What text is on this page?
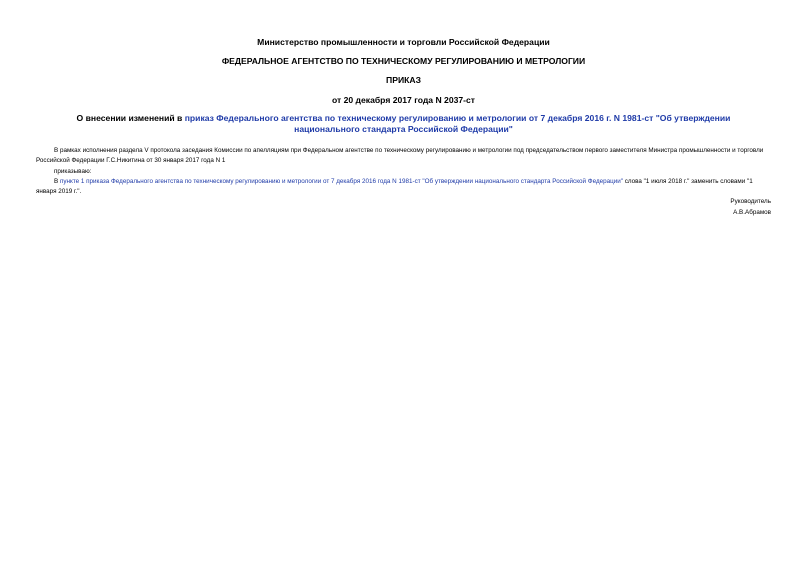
Министерство промышленности и торговли Российской Федерации
ФЕДЕРАЛЬНОЕ АГЕНТСТВО ПО ТЕХНИЧЕСКОМУ РЕГУЛИРОВАНИЮ И МЕТРОЛОГИИ
ПРИКАЗ
от 20 декабря 2017 года N 2037-ст
О внесении изменений в приказ Федерального агентства по техническому регулированию и метрологии от 7 декабря 2016 г. N 1981-ст "Об утверждении национального стандарта Российской Федерации"
В рамках исполнения раздела V протокола заседания Комиссии по апелляциям при Федеральном агентстве по техническому регулированию и метрологии под председательством первого заместителя Министра промышленности и торговли Российской Федерации Г.С.Никитина от 30 января 2017 года N 1
приказываю:
В пункте 1 приказа Федерального агентства по техническому регулированию и метрологии от 7 декабря 2016 года N 1981-ст "Об утверждении национального стандарта Российской Федерации" слова "1 июля 2018 г." заменить словами "1 января 2019 г.".
Руководитель
А.В.Абрамов
